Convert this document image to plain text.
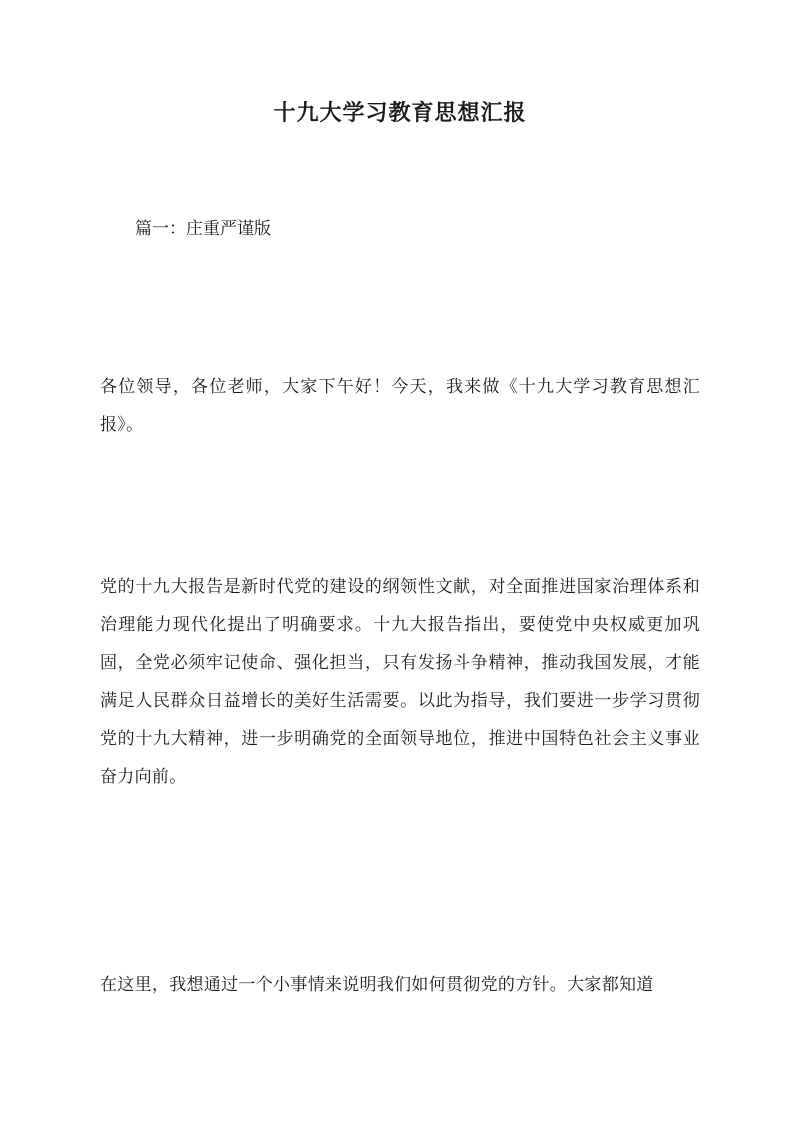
十九大学习教育思想汇报
篇一：庄重严谨版

各位领导，各位老师，大家下午好！今天，我来做《十九大学习教育思想汇报》。

党的十九大报告是新时代党的建设的纲领性文献，对全面推进国家治理体系和治理能力现代化提出了明确要求。十九大报告指出，要使党中央权威更加巩固，全党必须牢记使命、强化担当，只有发扬斗争精神，推动我国发展，才能满足人民群众日益增长的美好生活需要。以此为指导，我们要进一步学习贯彻党的十九大精神，进一步明确党的全面领导地位，推进中国特色社会主义事业奋力向前。

在这里，我想通过一个小事情来说明我们如何贯彻党的方针。大家都知道
